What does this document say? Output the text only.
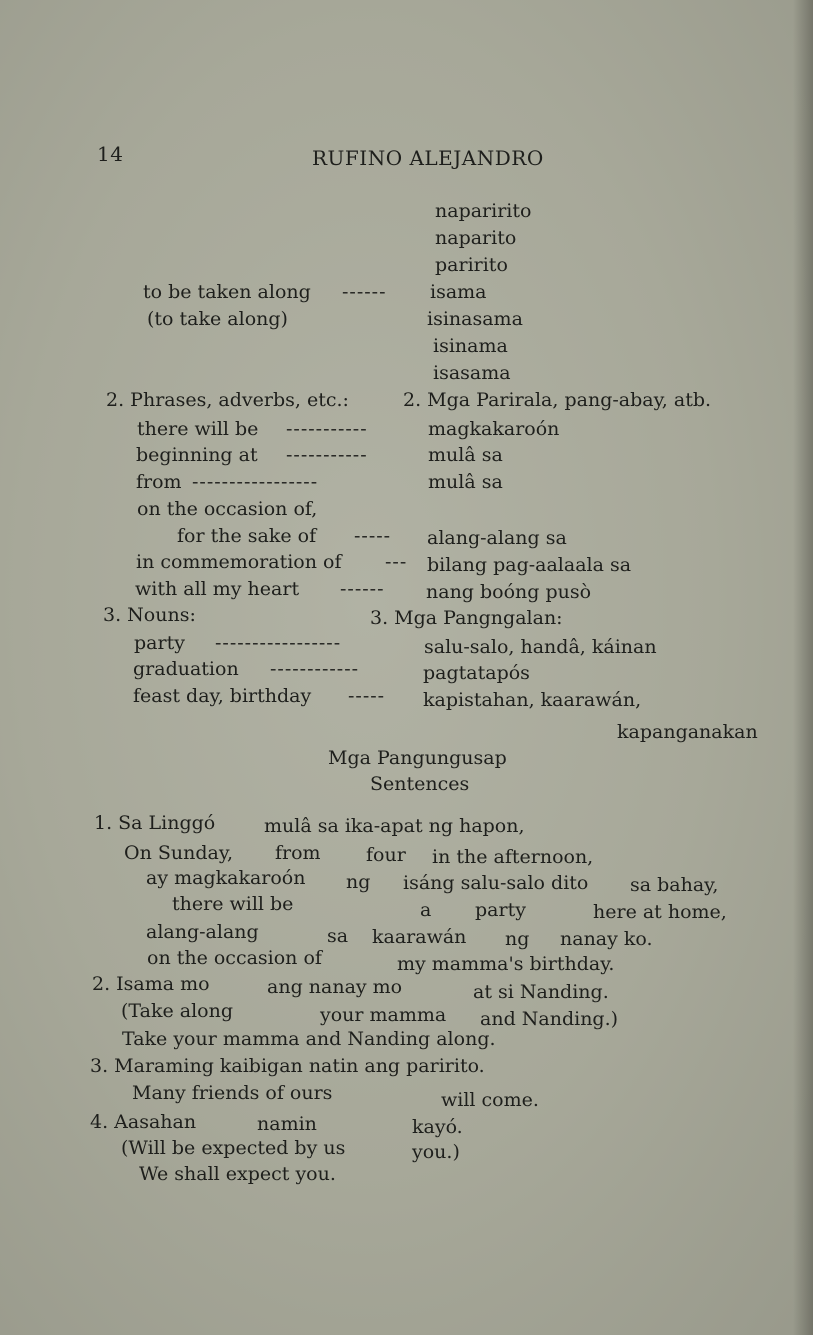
14	RUFINO ALEJANDRO
naparirito
naparito
paririto
to be taken along ------ isama
(to take along)	isinasama
isinama
isasama
2. Phrases, adverbs, etc.:	2. Mga Parirala, pang-abay, atb.
there will be -----------	magkakaroón
beginning at -----------	mulâ sa
from -----------------	mulâ sa
on the occasion of,
for the sake of ----- alang-alang sa
in commemoration of --- bilang pag-aalaala sa
with all my heart ------ nang boóng pusò
3. Nouns:	3. Mga Pangngalan:
party -----------------	salu-salo, handâ, káinan
graduation ------------	pagtatapós
feast day, birthday ----- kapistahan, kaarawán,
kapanganakan
Mga Pangungusap
Sentences
1. Sa Linggó	mulâ sa ika-apat ng hapon,
On Sunday, from four in the afternoon,
ay magkakaroón ng isáng salu-salo dito sa bahay,
there will be	a party	here at home,
alang-alang	sa kaarawán ng nanay ko.
on the occasion of	my mamma's birthday.
2. Isama mo	ang nanay mo	at si Nanding.
(Take along	your mamma and Nanding.)
Take your mamma and Nanding along.
3. Maraming kaibigan natin ang paririto.
Many friends of ours	will come.
4. Aasahan	namin	kayó.
(Will be expected by us	you.)
We shall expect you.
